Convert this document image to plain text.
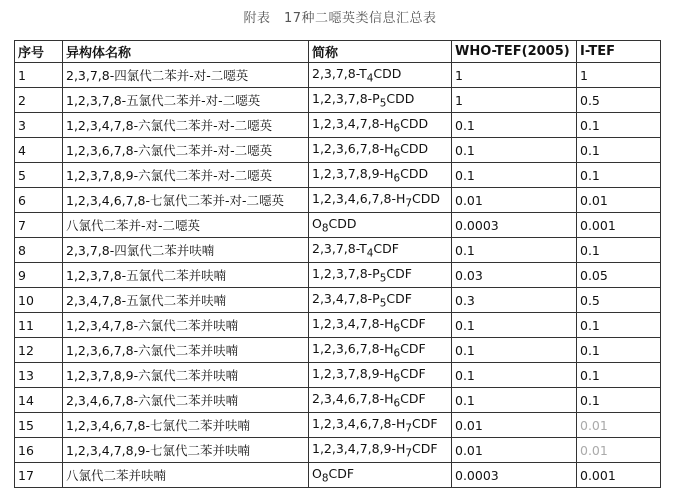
附表　17种二噁英类信息汇总表
序号	异构体名称	简称	WHO-TEF(2005)	I-TEF
1	2,3,7,8-四氯代二苯并-对-二噁英	$2,3,7,8-T_4CDD$	1	1
2	1,2,3,7,8-五氯代二苯并-对-二噁英	$1,2,3,7,8-P_5CDD$	1	0.5
3	1,2,3,4,7,8-六氯代二苯并-对-二噁英	$1,2,3,4,7,8-H_6CDD$	0.1	0.1
4	1,2,3,6,7,8-六氯代二苯并-对-二噁英	$1,2,3,6,7,8-H_6CDD$	0.1	0.1
5	1,2,3,7,8,9-六氯代二苯并-对-二噁英	$1,2,3,7,8,9-H_6CDD$	0.1	0.1
6	1,2,3,4,6,7,8-七氯代二苯并-对-二噁英	$1,2,3,4,6,7,8-H_7CDD$	0.01	0.01
7	八氯代二苯并-对-二噁英	$O_8CDD$	0.0003	0.001
8	2,3,7,8-四氯代二苯并呋喃	$2,3,7,8-T_4CDF$	0.1	0.1
9	1,2,3,7,8-五氯代二苯并呋喃	$1,2,3,7,8-P_5CDF$	0.03	0.05
10	2,3,4,7,8-五氯代二苯并呋喃	$2,3,4,7,8-P_5CDF$	0.3	0.5
11	1,2,3,4,7,8-六氯代二苯并呋喃	$1,2,3,4,7,8-H_6CDF$	0.1	0.1
12	1,2,3,6,7,8-六氯代二苯并呋喃	$1,2,3,6,7,8-H_6CDF$	0.1	0.1
13	1,2,3,7,8,9-六氯代二苯并呋喃	$1,2,3,7,8,9-H_6CDF$	0.1	0.1
14	2,3,4,6,7,8-六氯代二苯并呋喃	$2,3,4,6,7,8-H_6CDF$	0.1	0.1
15	1,2,3,4,6,7,8-七氯代二苯并呋喃	$1,2,3,4,6,7,8-H_7CDF$	0.01	0.01
16	1,2,3,4,7,8,9-七氯代二苯并呋喃	$1,2,3,4,7,8,9-H_7CDF$	0.01	0.01
17	八氯代二苯并呋喃	$O_8CDF$	0.0003	0.001
